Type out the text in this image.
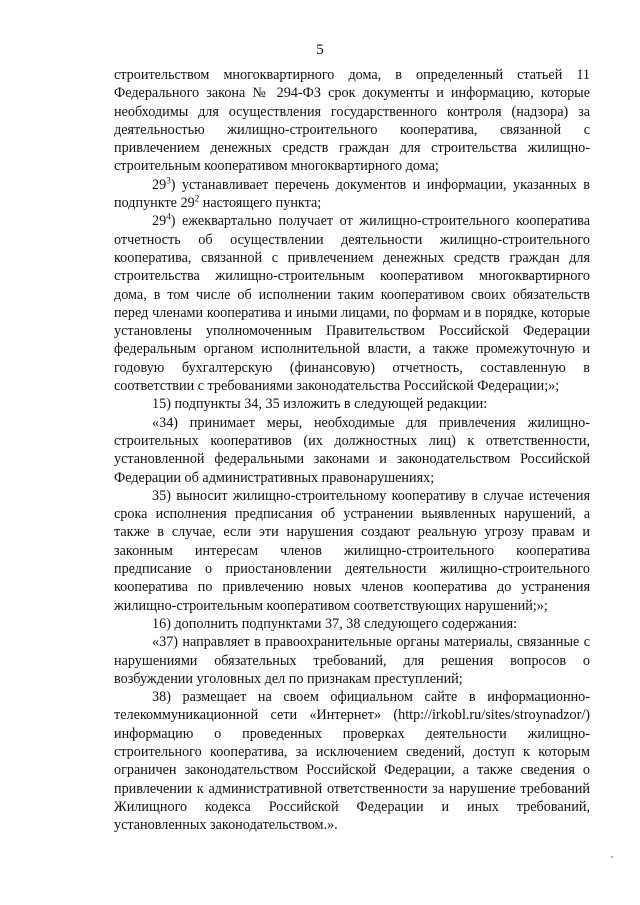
5

строительством многоквартирного дома, в определенный статьей 11 Федерального закона № 294-ФЗ срок документы и информацию, которые необходимы для осуществления государственного контроля (надзора) за деятельностью жилищно-строительного кооператива, связанной с привлечением денежных средств граждан для строительства жилищно-строительным кооперативом многоквартирного дома;

$29^3$) устанавливает перечень документов и информации, указанных в подпункте $29^2$ настоящего пункта;

$29^4$) ежеквартально получает от жилищно-строительного кооператива отчетность об осуществлении деятельности жилищно-строительного кооператива, связанной с привлечением денежных средств граждан для строительства жилищно-строительным кооперативом многоквартирного дома, в том числе об исполнении таким кооперативом своих обязательств перед членами кооператива и иными лицами, по формам и в порядке, которые установлены уполномоченным Правительством Российской Федерации федеральным органом исполнительной власти, а также промежуточную и годовую бухгалтерскую (финансовую) отчетность, составленную в соответствии с требованиями законодательства Российской Федерации;»;

15) подпункты 34, 35 изложить в следующей редакции:

«34) принимает меры, необходимые для привлечения жилищно-строительных кооперативов (их должностных лиц) к ответственности, установленной федеральными законами и законодательством Российской Федерации об административных правонарушениях;

35) выносит жилищно-строительному кооперативу в случае истечения срока исполнения предписания об устранении выявленных нарушений, а также в случае, если эти нарушения создают реальную угрозу правам и законным интересам членов жилищно-строительного кооператива предписание о приостановлении деятельности жилищно-строительного кооператива по привлечению новых членов кооператива до устранения жилищно-строительным кооперативом соответствующих нарушений;»;

16) дополнить подпунктами 37, 38 следующего содержания:

«37) направляет в правоохранительные органы материалы, связанные с нарушениями обязательных требований, для решения вопросов о возбуждении уголовных дел по признакам преступлений;

38) размещает на своем официальном сайте в информационно-телекоммуникационной сети «Интернет» (http://irkobl.ru/sites/stroynadzor/) информацию о проведенных проверках деятельности жилищно-строительного кооператива, за исключением сведений, доступ к которым ограничен законодательством Российской Федерации, а также сведения о привлечении к административной ответственности за нарушение требований Жилищного кодекса Российской Федерации и иных требований, установленных законодательством.».
